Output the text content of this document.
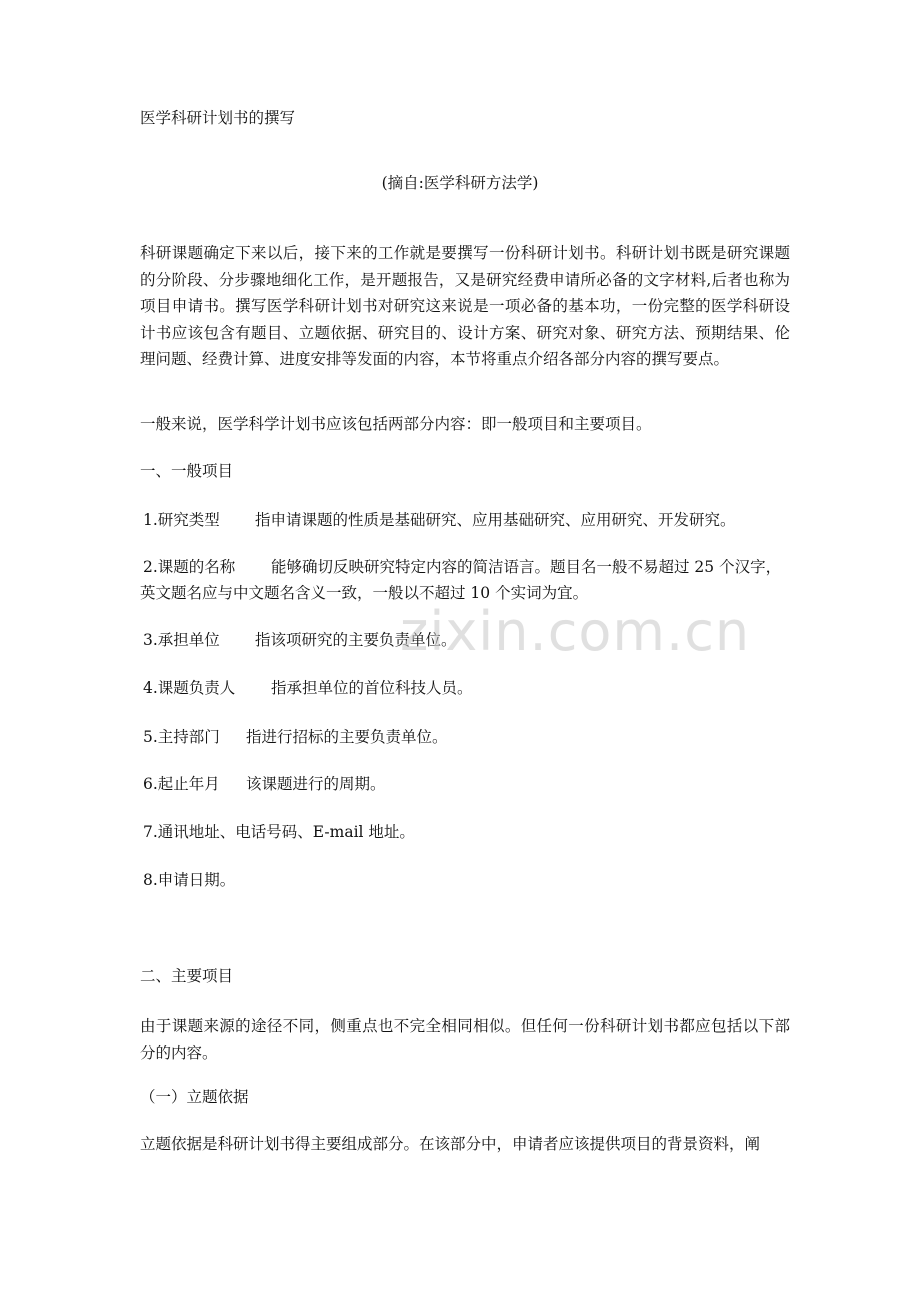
医学科研计划书的撰写
(摘自:医学科研方法学)
科研课题确定下来以后，接下来的工作就是要撰写一份科研计划书。科研计划书既是研究课题的分阶段、分步骤地细化工作，是开题报告，又是研究经费申请所必备的文字材料,后者也称为项目申请书。撰写医学科研计划书对研究这来说是一项必备的基本功，一份完整的医学科研设计书应该包含有题目、立题依据、研究目的、设计方案、研究对象、研究方法、预期结果、伦理问题、经费计算、进度安排等发面的内容，本节将重点介绍各部分内容的撰写要点。
一般来说，医学科学计划书应该包括两部分内容：即一般项目和主要项目。
一、一般项目
1.研究类型 指申请课题的性质是基础研究、应用基础研究、应用研究、开发研究。
2.课题的名称 能够确切反映研究特定内容的简洁语言。题目名一般不易超过 25 个汉字，
英文题名应与中文题名含义一致，一般以不超过 10 个实词为宜。
3.承担单位 指该项研究的主要负责单位。
4.课题负责人 指承担单位的首位科技人员。
5.主持部门 指进行招标的主要负责单位。
6.起止年月 该课题进行的周期。
7.通讯地址、电话号码、E-mail 地址。
8.申请日期。
二、主要项目
由于课题来源的途径不同，侧重点也不完全相同相似。但任何一份科研计划书都应包括以下部分的内容。
（一）立题依据
立题依据是科研计划书得主要组成部分。在该部分中，申请者应该提供项目的背景资料，阐
zixin.com.cn
